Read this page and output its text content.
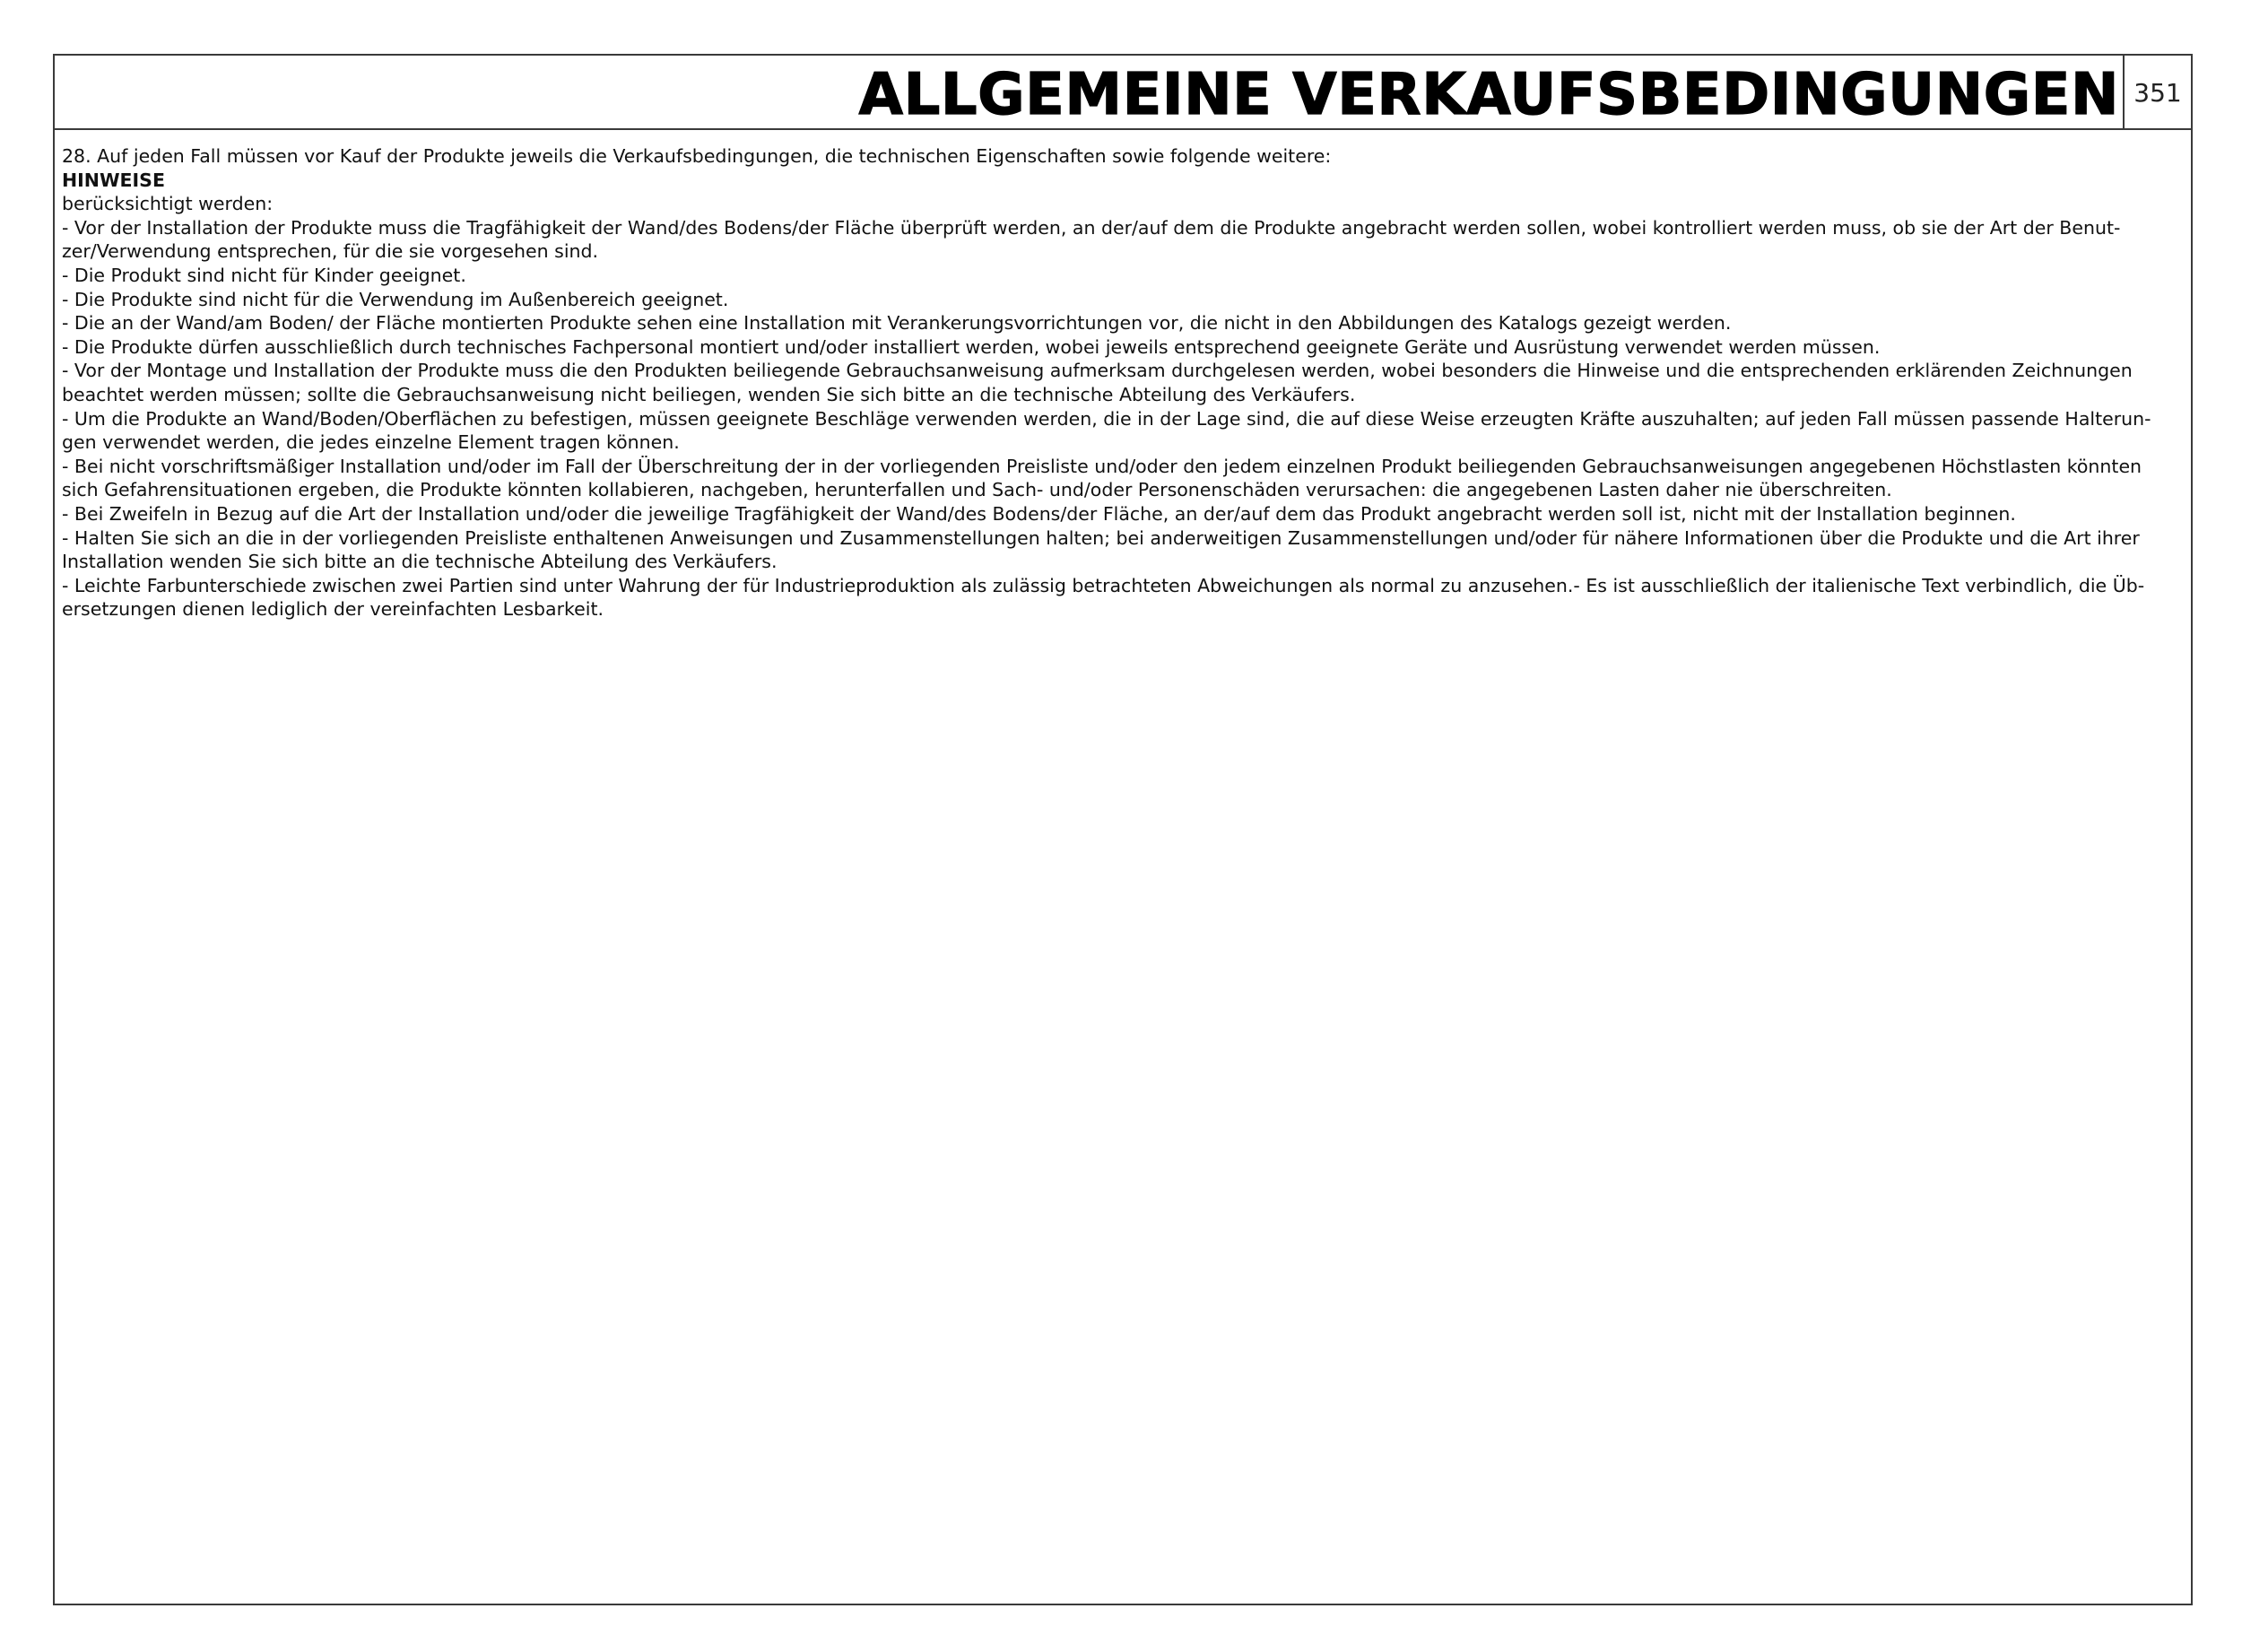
ALLGEMEINE VERKAUFSBEDINGUNGEN 351
28. Auf jeden Fall müssen vor Kauf der Produkte jeweils die Verkaufsbedingungen, die technischen Eigenschaften sowie folgende weitere:
HINWEISE
berücksichtigt werden:
- Vor der Installation der Produkte muss die Tragfähigkeit der Wand/des Bodens/der Fläche überprüft werden, an der/auf dem die Produkte angebracht werden sollen, wobei kontrolliert werden muss, ob sie der Art der Benut-
zer/Verwendung entsprechen, für die sie vorgesehen sind.
- Die Produkt sind nicht für Kinder geeignet.
- Die Produkte sind nicht für die Verwendung im Außenbereich geeignet.
- Die an der Wand/am Boden/ der Fläche montierten Produkte sehen eine Installation mit Verankerungsvorrichtungen vor, die nicht in den Abbildungen des Katalogs gezeigt werden.
- Die Produkte dürfen ausschließlich durch technisches Fachpersonal montiert und/oder installiert werden, wobei jeweils entsprechend geeignete Geräte und Ausrüstung verwendet werden müssen.
- Vor der Montage und Installation der Produkte muss die den Produkten beiliegende Gebrauchsanweisung aufmerksam durchgelesen werden, wobei besonders die Hinweise und die entsprechenden erklärenden Zeichnungen
beachtet werden müssen; sollte die Gebrauchsanweisung nicht beiliegen, wenden Sie sich bitte an die technische Abteilung des Verkäufers.
- Um die Produkte an Wand/Boden/Oberflächen zu befestigen, müssen geeignete Beschläge verwenden werden, die in der Lage sind, die auf diese Weise erzeugten Kräfte auszuhalten; auf jeden Fall müssen passende Halterun-
gen verwendet werden, die jedes einzelne Element tragen können.
- Bei nicht vorschriftsmäßiger Installation und/oder im Fall der Überschreitung der in der vorliegenden Preisliste und/oder den jedem einzelnen Produkt beiliegenden Gebrauchsanweisungen angegebenen Höchstlasten könnten
sich Gefahrensituationen ergeben, die Produkte könnten kollabieren, nachgeben, herunterfallen und Sach- und/oder Personenschäden verursachen: die angegebenen Lasten daher nie überschreiten.
- Bei Zweifeln in Bezug auf die Art der Installation und/oder die jeweilige Tragfähigkeit der Wand/des Bodens/der Fläche, an der/auf dem das Produkt angebracht werden soll ist, nicht mit der Installation beginnen.
- Halten Sie sich an die in der vorliegenden Preisliste enthaltenen Anweisungen und Zusammenstellungen halten; bei anderweitigen Zusammenstellungen und/oder für nähere Informationen über die Produkte und die Art ihrer
Installation wenden Sie sich bitte an die technische Abteilung des Verkäufers.
- Leichte Farbunterschiede zwischen zwei Partien sind unter Wahrung der für Industrieproduktion als zulässig betrachteten Abweichungen als normal zu anzusehen.- Es ist ausschließlich der italienische Text verbindlich, die Üb-
ersetzungen dienen lediglich der vereinfachten Lesbarkeit.
